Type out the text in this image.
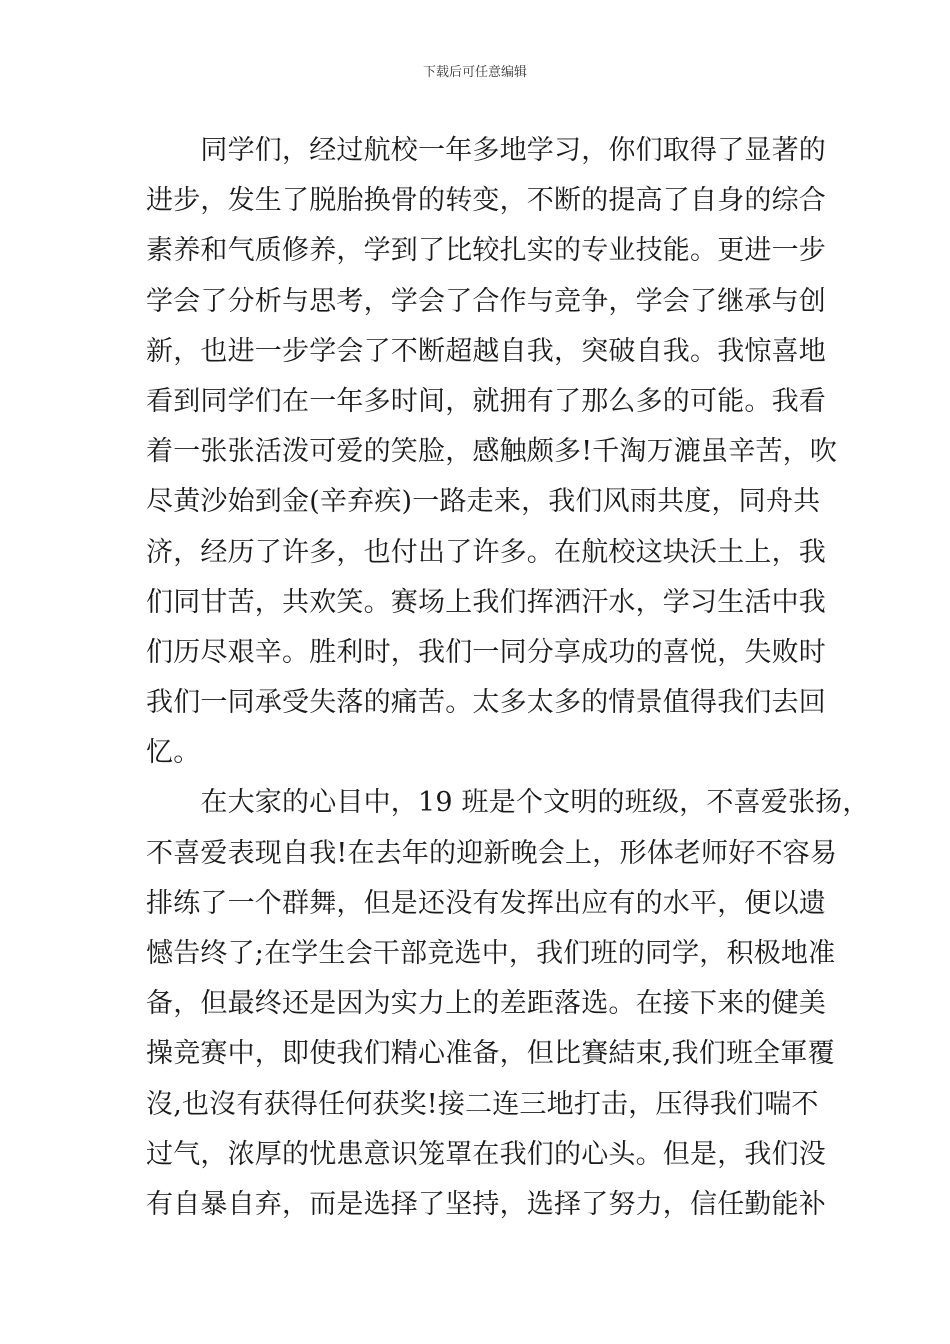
下载后可任意编辑
　　同学们，经过航校一年多地学习，你们取得了显著的
进步，发生了脱胎换骨的转变，不断的提高了自身的综合
素养和气质修养，学到了比较扎实的专业技能。更进一步
学会了分析与思考，学会了合作与竞争，学会了继承与创
新，也进一步学会了不断超越自我，突破自我。我惊喜地
看到同学们在一年多时间，就拥有了那么多的可能。我看
着一张张活泼可爱的笑脸，感触颇多!千淘万漉虽辛苦，吹
尽黄沙始到金(辛弃疾)一路走来，我们风雨共度，同舟共
济，经历了许多，也付出了许多。在航校这块沃土上，我
们同甘苦，共欢笑。赛场上我们挥洒汗水，学习生活中我
们历尽艰辛。胜利时，我们一同分享成功的喜悦，失败时
我们一同承受失落的痛苦。太多太多的情景值得我们去回
忆。
　　在大家的心目中，19 班是个文明的班级，不喜爱张扬，
不喜爱表现自我!在去年的迎新晚会上，形体老师好不容易
排练了一个群舞，但是还没有发挥出应有的水平，便以遗
憾告终了;在学生会干部竞选中，我们班的同学，积极地准
备，但最终还是因为实力上的差距落选。在接下来的健美
操竞赛中，即使我们精心准备，但比賽結束,我们班全軍覆
沒,也沒有获得任何获奖!接二连三地打击，压得我们喘不
过气，浓厚的忧患意识笼罩在我们的心头。但是，我们没
有自暴自弃，而是选择了坚持，选择了努力，信任勤能补
